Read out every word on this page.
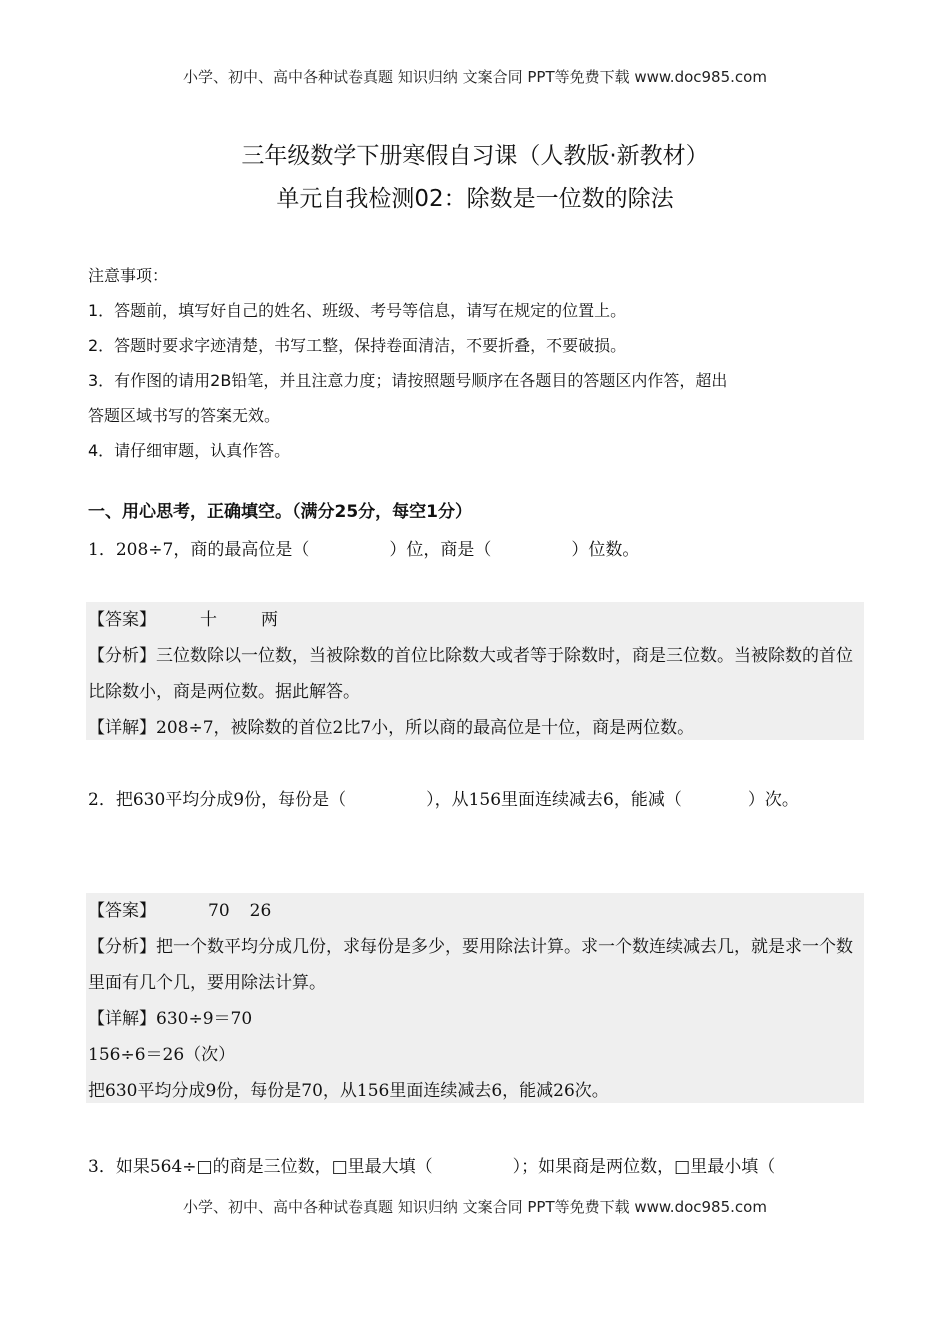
小学、初中、高中各种试卷真题 知识归纳 文案合同 PPT等免费下载 www.doc985.com
三年级数学下册寒假自习课（人教版·新教材）
单元自我检测02：除数是一位数的除法
注意事项：
1．答题前，填写好自己的姓名、班级、考号等信息，请写在规定的位置上。
2．答题时要求字迹清楚，书写工整，保持卷面清洁，不要折叠，不要破损。
3．有作图的请用2B铅笔，并且注意力度；请按照题号顺序在各题目的答题区内作答，超出
答题区域书写的答案无效。
4．请仔细审题，认真作答。
一、用心思考，正确填空。（满分25分，每空1分）
1．208÷7，商的最高位是（	）位，商是（	）位数。
【答案】	十	两
【分析】三位数除以一位数，当被除数的首位比除数大或者等于除数时，商是三位数。当被除数的首位比除数小，商是两位数。据此解答。
【详解】208÷7，被除数的首位2比7小，所以商的最高位是十位，商是两位数。
2．把630平均分成9份，每份是（	），从156里面连续减去6，能减（	）次。
【答案】	70 26
【分析】把一个数平均分成几份，求每份是多少，要用除法计算。求一个数连续减去几，就是求一个数里面有几个几，要用除法计算。
【详解】630÷9＝70
156÷6＝26（次）
把630平均分成9份，每份是70，从156里面连续减去6，能减26次。
3．如果564÷□的商是三位数，□里最大填（	）；如果商是两位数，□里最小填（
小学、初中、高中各种试卷真题 知识归纳 文案合同 PPT等免费下载 www.doc985.com
